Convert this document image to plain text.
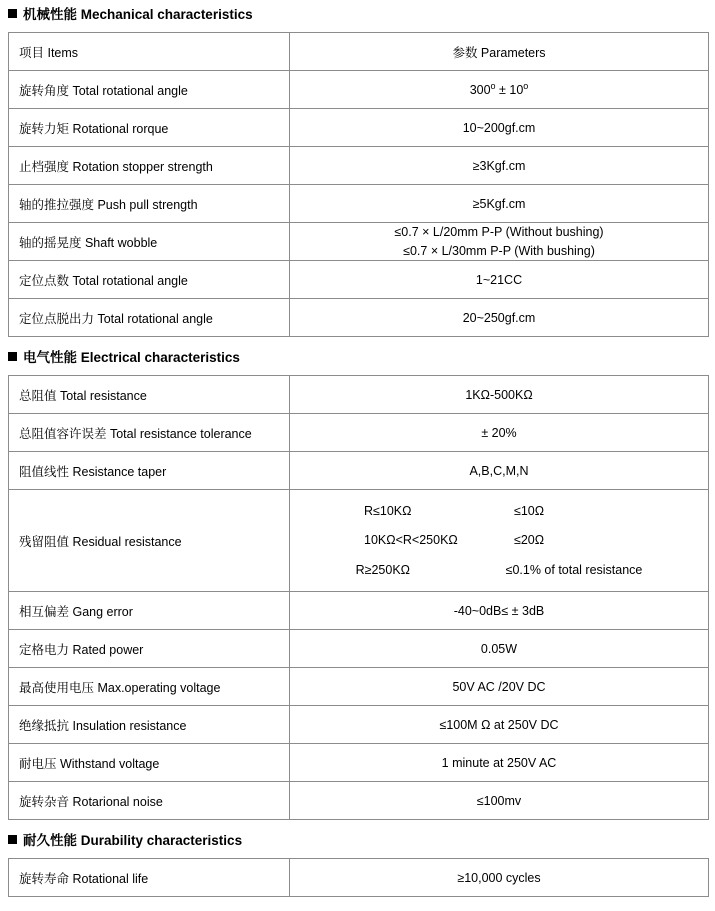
机械性能 Mechanical characteristics
项目 Items	参数 Parameters
旋转角度 Total rotational angle	$300^o \pm 10^o$
旋转力矩 Rotational rorque	10~200gf.cm
止档强度 Rotation stopper strength	≥3Kgf.cm
轴的推拉强度 Push pull strength	≥5Kgf.cm
轴的摇晃度 Shaft wobble	≤0.7 × L/20mm P-P (Without bushing)
≤0.7 × L/30mm P-P (With bushing)

定位点数 Total rotational angle	1~21CC
定位点脱出力 Total rotational angle	20~250gf.cm
电气性能 Electrical characteristics
总阻值 Total resistance	1KΩ-500KΩ
总阻值容许误差 Total resistance tolerance	± 20%
阻值线性 Resistance taper	A,B,C,M,N
残留阻值 Residual resistance	
R≤10KΩ	≤10Ω
10KΩ<R<250KΩ	≤20Ω
R≥250KΩ	≤0.1% of total resistance

相互偏差 Gang error	-40~0dB≤ ± 3dB
定格电力 Rated power	0.05W
最高使用电压 Max.operating voltage	50V AC /20V DC
绝缘抵抗 Insulation resistance	≤100M Ω at 250V DC
耐电压 Withstand voltage	1 minute at 250V AC
旋转杂音 Rotarional noise	≤100mv
耐久性能 Durability characteristics
旋转寿命 Rotational life	≥10,000 cycles
